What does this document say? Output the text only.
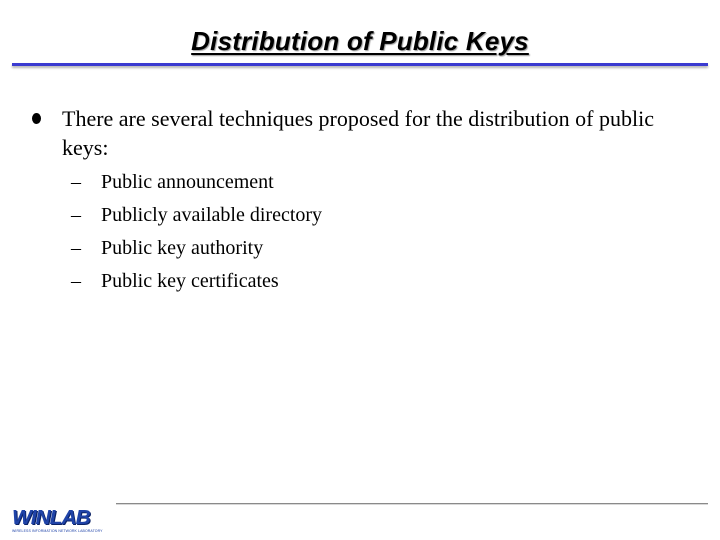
Distribution of Public Keys
There are several techniques proposed for the distribution of public keys:
–	Public announcement
–	Publicly available directory
–	Public key authority
–	Public key certificates
WINLAB
WIRELESS INFORMATION NETWORK LABORATORY
